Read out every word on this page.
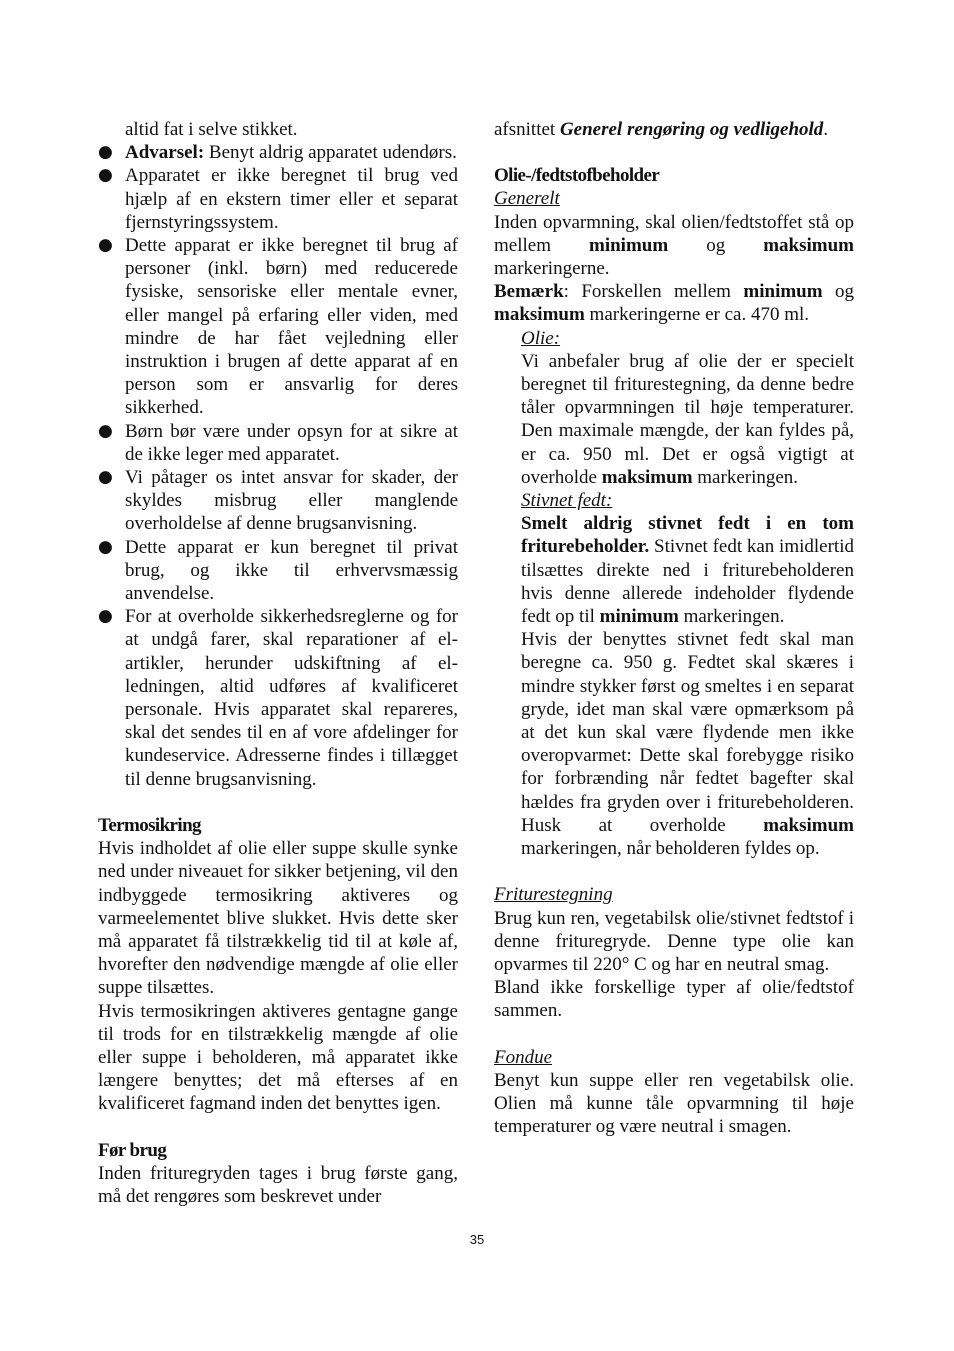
altid fat i selve stikket.

● Advarsel: Benyt aldrig apparatet udendørs.
● Apparatet er ikke beregnet til brug ved hjælp af en ekstern timer eller et separat fjernstyringssystem.
● Dette apparat er ikke beregnet til brug af personer (inkl. børn) med reducerede fysiske, sensoriske eller mentale evner, eller mangel på erfaring eller viden, med mindre de har fået vejledning eller instruktion i brugen af dette apparat af en person som er ansvarlig for deres sikkerhed.
● Børn bør være under opsyn for at sikre at de ikke leger med apparatet.
● Vi påtager os intet ansvar for skader, der skyldes misbrug eller manglende overholdelse af denne brugsanvisning.
● Dette apparat er kun beregnet til privat brug, og ikke til erhvervsmæssig anvendelse.
● For at overholde sikkerhedsreglerne og for at undgå farer, skal reparationer af el-artikler, herunder udskiftning af el-ledningen, altid udføres af kvalificeret personale. Hvis apparatet skal repareres, skal det sendes til en af vore afdelinger for kundeservice. Adresserne findes i tillægget til denne brugsanvisning.

Termosikring

Hvis indholdet af olie eller suppe skulle synke ned under niveauet for sikker betjening, vil den indbyggede termosikring aktiveres og varmeelementet blive slukket. Hvis dette sker må apparatet få tilstrækkelig tid til at køle af, hvorefter den nødvendige mængde af olie eller suppe tilsættes.

Hvis termosikringen aktiveres gentagne gange til trods for en tilstrækkelig mængde af olie eller suppe i beholderen, må apparatet ikke længere benyttes; det må efterses af en kvalificeret fagmand inden det benyttes igen.

Før brug

Inden frituregryden tages i brug første gang, må det rengøres som beskrevet under

afsnittet Generel rengøring og vedligehold.

Olie-/fedtstofbeholder

Generelt

Inden opvarmning, skal olien/fedtstoffet stå op mellem minimum og maksimum markeringerne.

Bemærk: Forskellen mellem minimum og maksimum markeringerne er ca. 470 ml.

Olie:

Vi anbefaler brug af olie der er specielt beregnet til friturestegning, da denne bedre tåler opvarmningen til høje temperaturer. Den maximale mængde, der kan fyldes på, er ca. 950 ml. Det er også vigtigt at overholde maksimum markeringen.

Stivnet fedt:

Smelt aldrig stivnet fedt i en tom friturebeholder. Stivnet fedt kan imidlertid tilsættes direkte ned i friturebeholderen hvis denne allerede indeholder flydende fedt op til minimum markeringen.

Hvis der benyttes stivnet fedt skal man beregne ca. 950 g. Fedtet skal skæres i mindre stykker først og smeltes i en separat gryde, idet man skal være opmærksom på at det kun skal være flydende men ikke overopvarmet: Dette skal forebygge risiko for forbrænding når fedtet bagefter skal hældes fra gryden over i friturebeholderen. Husk at overholde maksimum markeringen, når beholderen fyldes op.

Friturestegning

Brug kun ren, vegetabilsk olie/stivnet fedtstof i denne frituregryde. Denne type olie kan opvarmes til 220° C og har en neutral smag.

Bland ikke forskellige typer af olie/fedtstof sammen.

Fondue

Benyt kun suppe eller ren vegetabilsk olie. Olien må kunne tåle opvarmning til høje temperaturer og være neutral i smagen.

35
